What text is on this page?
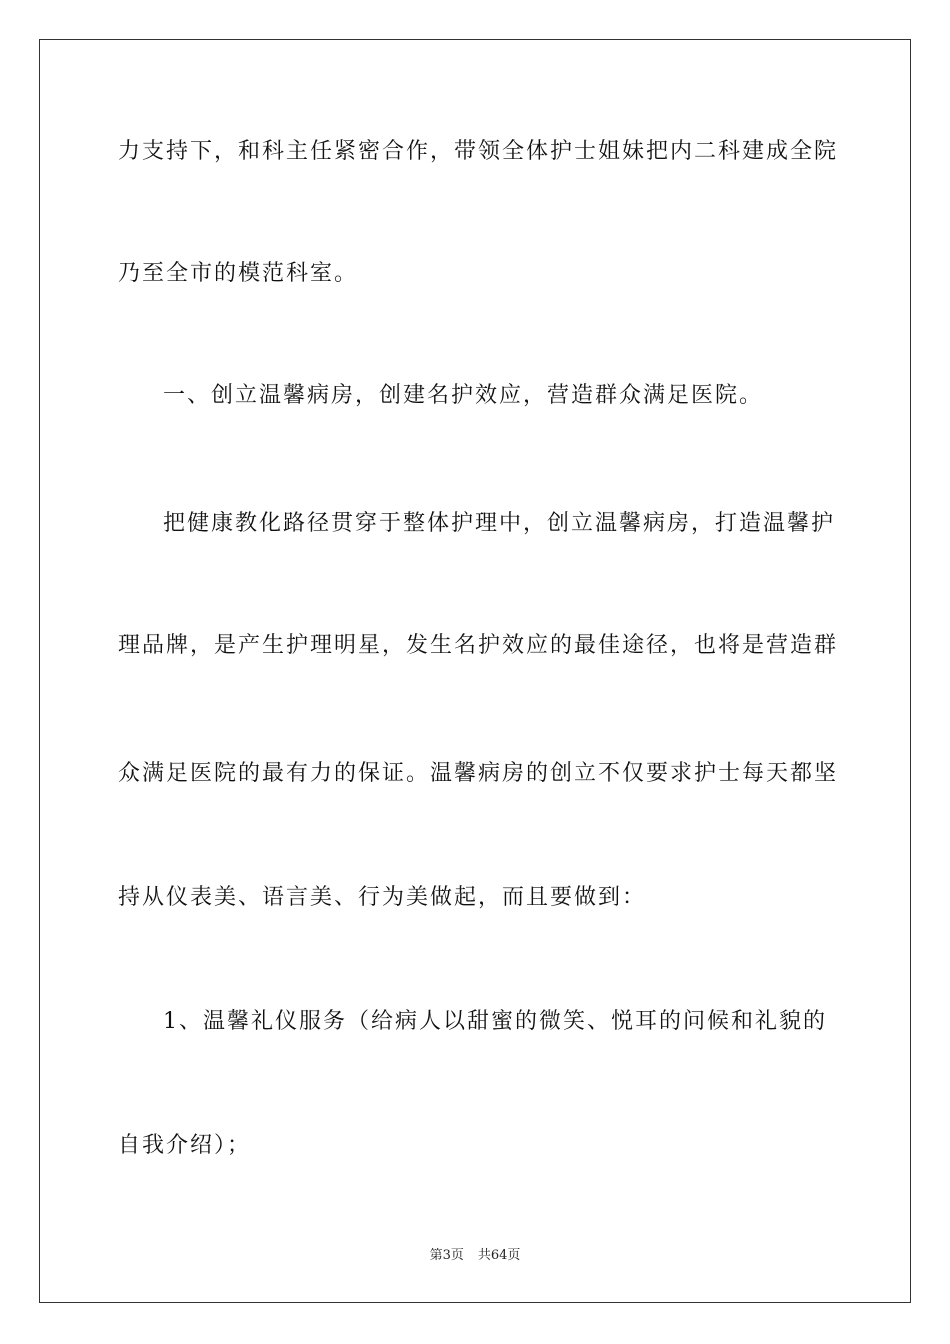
力支持下，和科主任紧密合作，带领全体护士姐妹把内二科建成全院
乃至全市的模范科室。
一、创立温馨病房，创建名护效应，营造群众满足医院。
把健康教化路径贯穿于整体护理中，创立温馨病房，打造温馨护
理品牌，是产生护理明星，发生名护效应的最佳途径，也将是营造群
众满足医院的最有力的保证。温馨病房的创立不仅要求护士每天都坚
持从仪表美、语言美、行为美做起，而且要做到：
1、温馨礼仪服务（给病人以甜蜜的微笑、悦耳的问候和礼貌的
自我介绍）；
第3页 共64页
